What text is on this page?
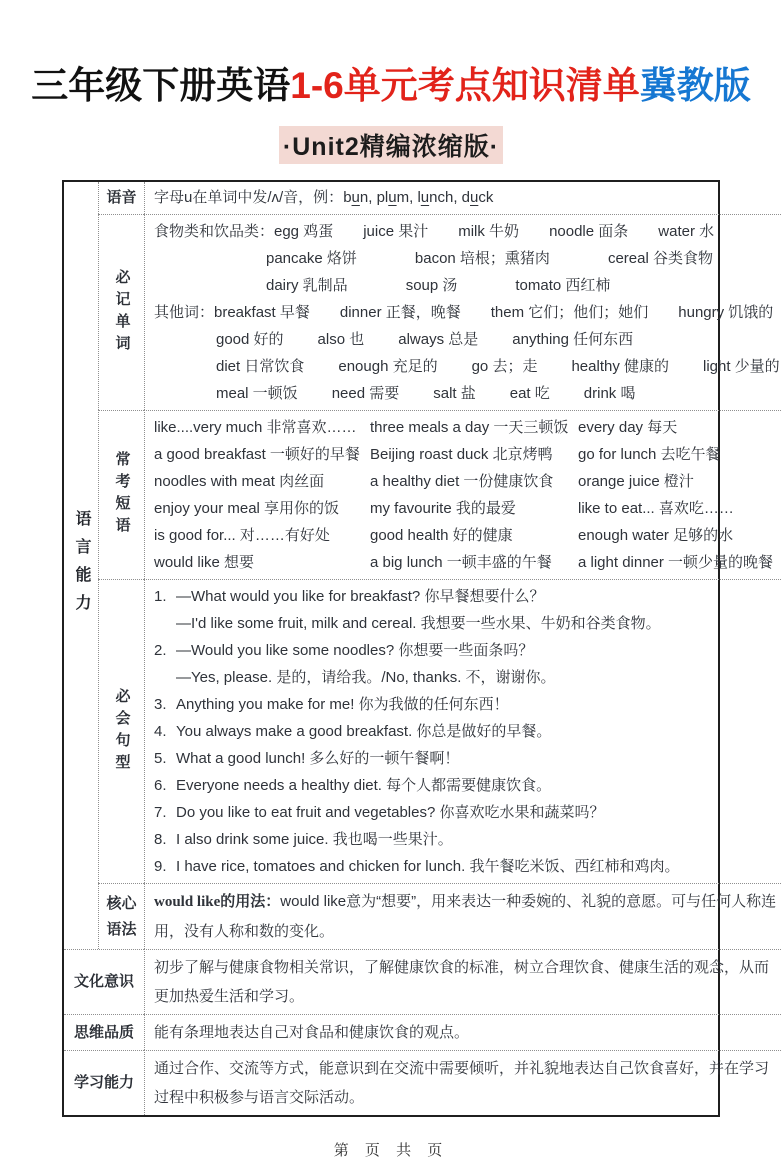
三年级下册英语1-6单元考点知识清单冀教版
·Unit2精编浓缩版·
语言能力
语音 字母u在单词中发/ʌ/音，例： bun, plum, lunch, duck
必记单词
食物类和饮品类：egg 鸡蛋 juice 果汁 milk 牛奶 noodle 面条 water 水
pancake 烙饼	bacon 培根；熏猪肉	cereal 谷类食物
dairy 乳制品	soup 汤	tomato 西红柿
其他词：breakfast 早餐 dinner 正餐，晚餐 them 它们；他们；她们 hungry 饥饿的
good 好的 also 也 always 总是 anything 任何东西
diet 日常饮食 enough 充足的 go 去；走 healthy 健康的 light 少量的
meal 一顿饭 need 需要 salt 盐 eat 吃 drink 喝
常考短语
like....very much 非常喜欢…… three meals a day 一天三顿饭 every day 每天
a good breakfast 一顿好的早餐 Beijing roast duck 北京烤鸭	go for lunch 去吃午餐
noodles with meat 肉丝面	a healthy diet 一份健康饮食	orange juice 橙汁
enjoy your meal 享用你的饭	my favourite 我的最爱	like to eat... 喜欢吃……
is good for... 对……有好处	good health 好的健康	enough water 足够的水
would like 想要	a big lunch 一顿丰盛的午餐	a light dinner 一顿少量的晚餐
必会句型
1. —What would you like for breakfast? 你早餐想要什么？
—I'd like some fruit, milk and cereal. 我想要一些水果、牛奶和谷类食物。
2. —Would you like some noodles? 你想要一些面条吗？
—Yes, please. 是的，请给我。/No, thanks. 不，谢谢你。
3. Anything you make for me! 你为我做的任何东西！
4. You always make a good breakfast. 你总是做好的早餐。
5. What a good lunch! 多么好的一顿午餐啊！
6. Everyone needs a healthy diet. 每个人都需要健康饮食。
7. Do you like to eat fruit and vegetables? 你喜欢吃水果和蔬菜吗？
8. I also drink some juice. 我也喝一些果汁。
9. I have rice, tomatoes and chicken for lunch. 我午餐吃米饭、西红柿和鸡肉。
核心语法
would like的用法：would like意为“想要”，用来表达一种委婉的、礼貌的意愿。可与任何人称连用，没有人称和数的变化。
文化意识
初步了解与健康食物相关常识，了解健康饮食的标准，树立合理饮食、健康生活的观念，从而更加热爱生活和学习。
思维品质	能有条理地表达自己对食品和健康饮食的观点。
学习能力
通过合作、交流等方式，能意识到在交流中需要倾听，并礼貌地表达自己饮食喜好，并在学习过程中积极参与语言交际活动。
第 页 共 页
